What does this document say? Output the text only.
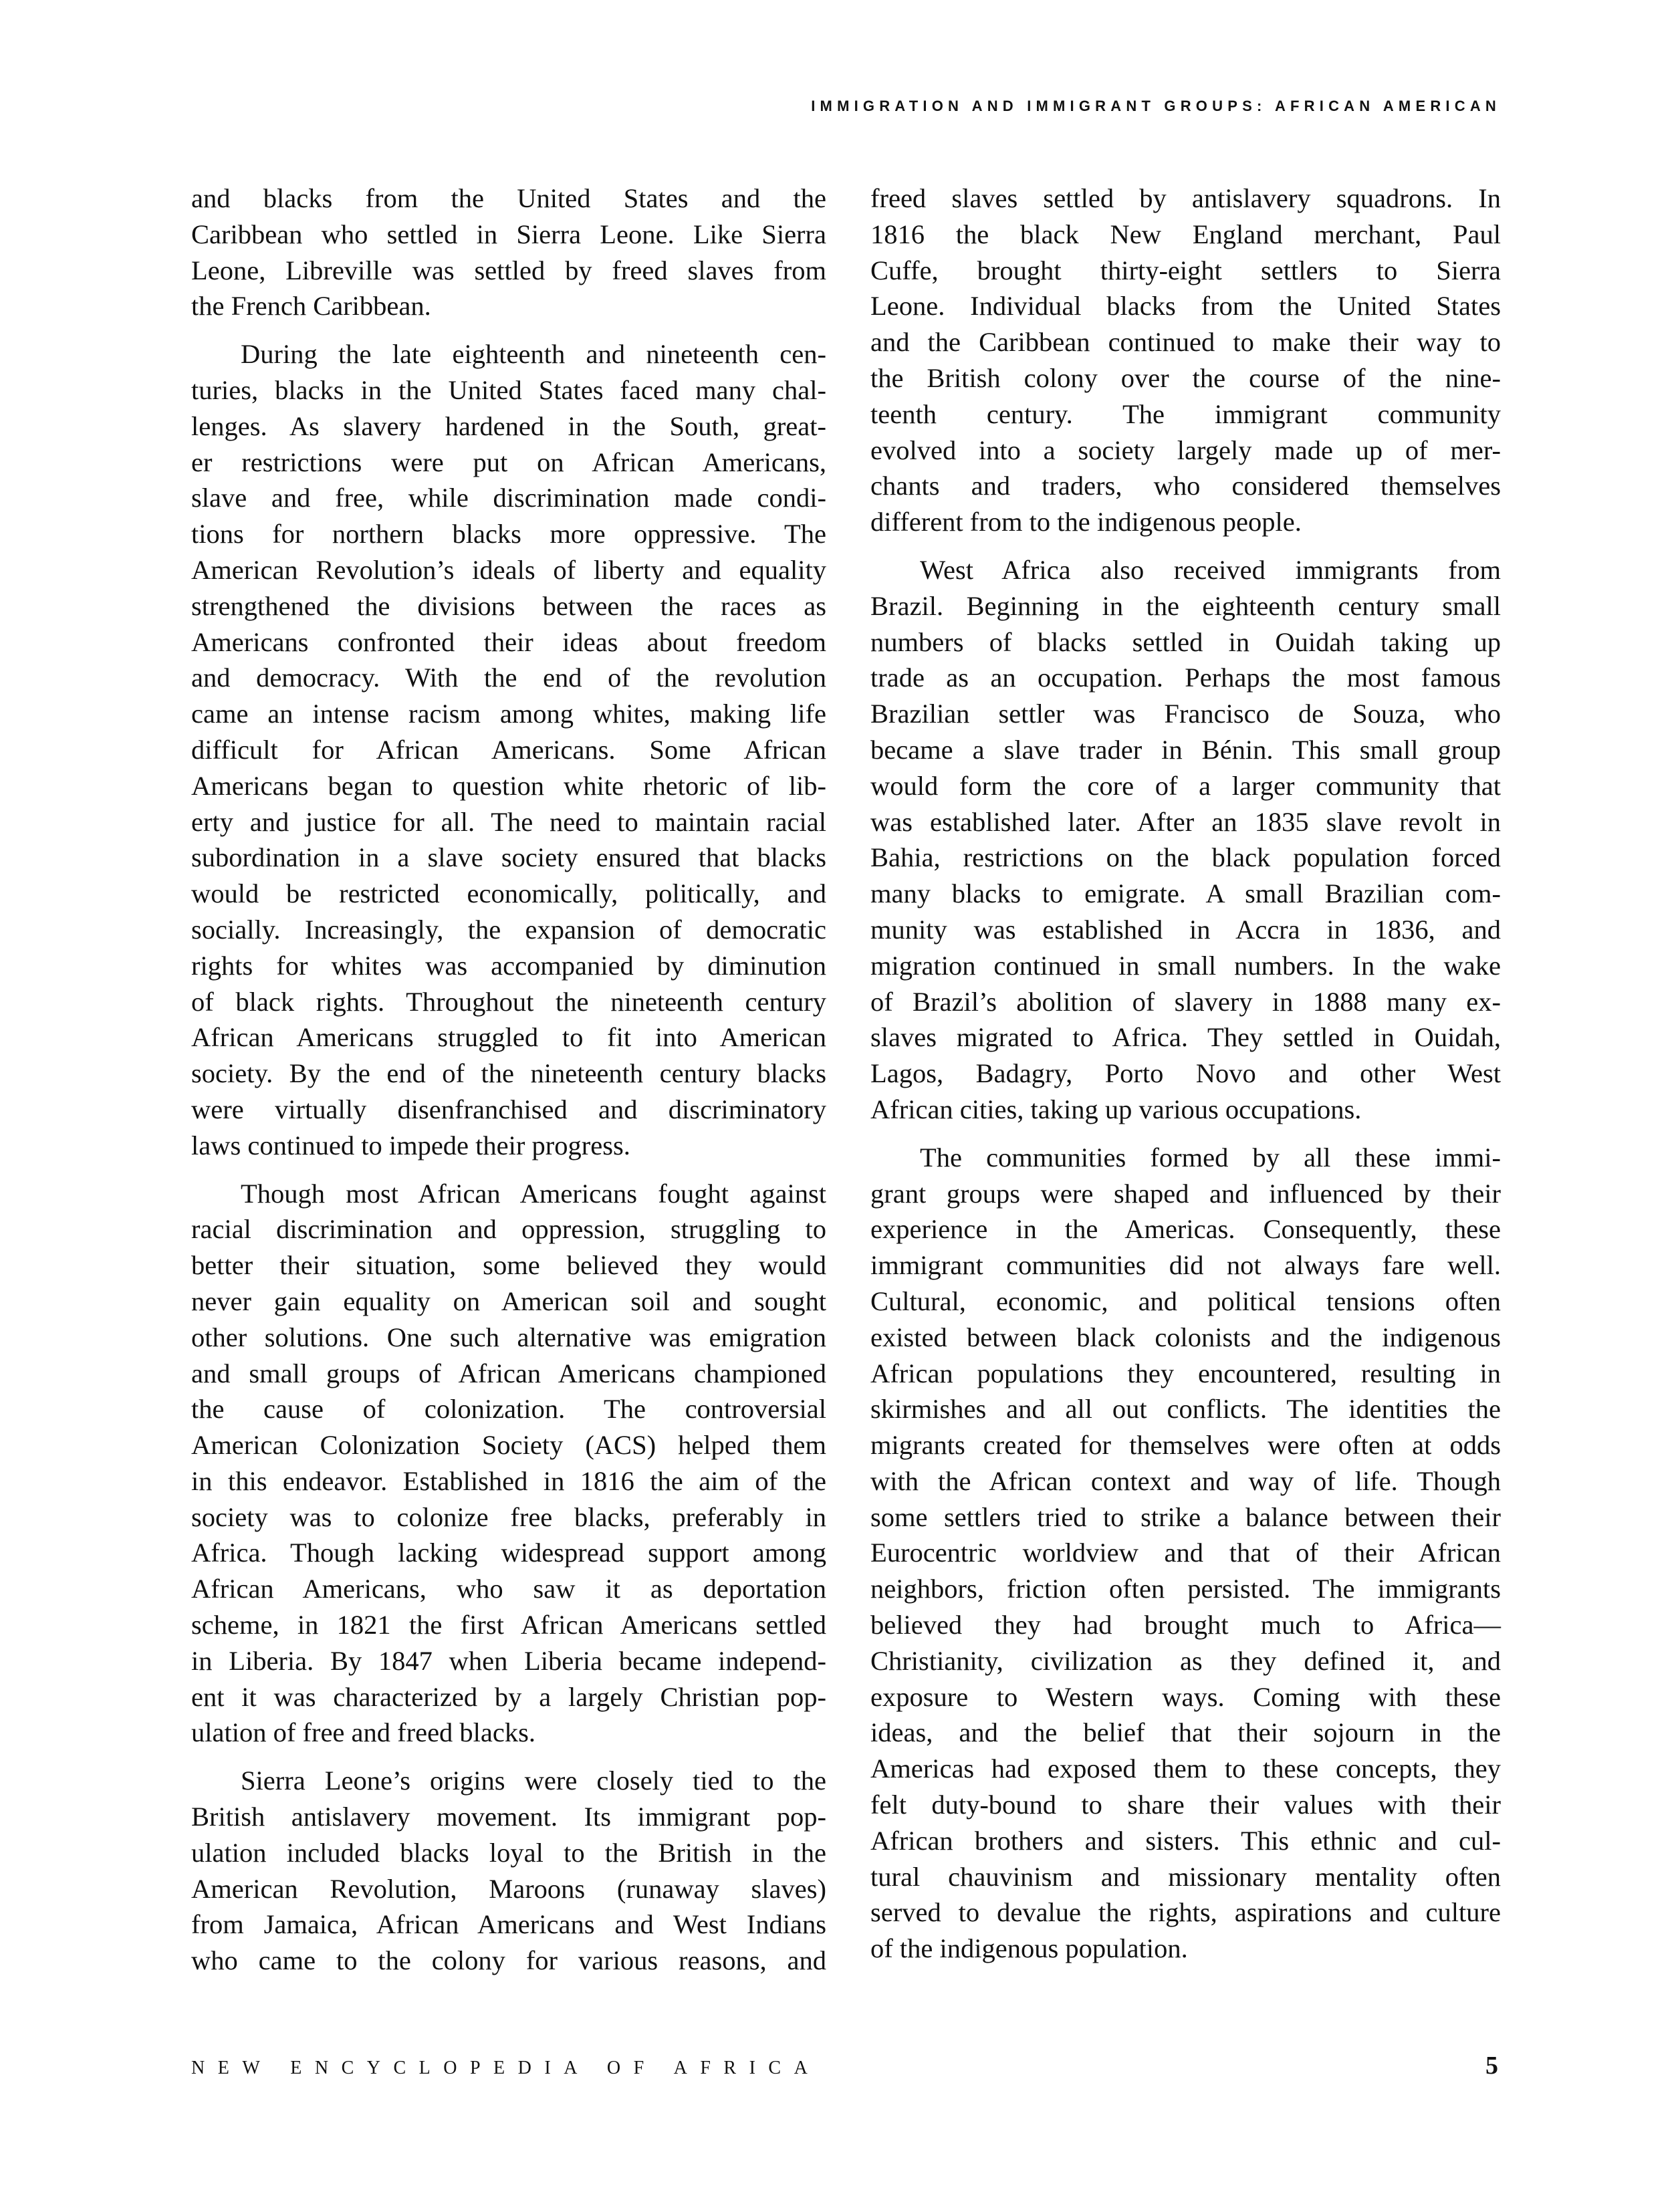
IMMIGRATION AND IMMIGRANT GROUPS: AFRICAN AMERICAN
and blacks from the United States and the
Caribbean who settled in Sierra Leone. Like Sierra
Leone, Libreville was settled by freed slaves from
the French Caribbean.
During the late eighteenth and nineteenth cen-
turies, blacks in the United States faced many chal-
lenges. As slavery hardened in the South, great-
er restrictions were put on African Americans,
slave and free, while discrimination made condi-
tions for northern blacks more oppressive. The
American Revolution’s ideals of liberty and equality
strengthened the divisions between the races as
Americans confronted their ideas about freedom
and democracy. With the end of the revolution
came an intense racism among whites, making life
difficult for African Americans. Some African
Americans began to question white rhetoric of lib-
erty and justice for all. The need to maintain racial
subordination in a slave society ensured that blacks
would be restricted economically, politically, and
socially. Increasingly, the expansion of democratic
rights for whites was accompanied by diminution
of black rights. Throughout the nineteenth century
African Americans struggled to fit into American
society. By the end of the nineteenth century blacks
were virtually disenfranchised and discriminatory
laws continued to impede their progress.
Though most African Americans fought against
racial discrimination and oppression, struggling to
better their situation, some believed they would
never gain equality on American soil and sought
other solutions. One such alternative was emigration
and small groups of African Americans championed
the cause of colonization. The controversial
American Colonization Society (ACS) helped them
in this endeavor. Established in 1816 the aim of the
society was to colonize free blacks, preferably in
Africa. Though lacking widespread support among
African Americans, who saw it as deportation
scheme, in 1821 the first African Americans settled
in Liberia. By 1847 when Liberia became independ-
ent it was characterized by a largely Christian pop-
ulation of free and freed blacks.
Sierra Leone’s origins were closely tied to the
British antislavery movement. Its immigrant pop-
ulation included blacks loyal to the British in the
American Revolution, Maroons (runaway slaves)
from Jamaica, African Americans and West Indians
who came to the colony for various reasons, and
freed slaves settled by antislavery squadrons. In
1816 the black New England merchant, Paul
Cuffe, brought thirty-eight settlers to Sierra
Leone. Individual blacks from the United States
and the Caribbean continued to make their way to
the British colony over the course of the nine-
teenth century. The immigrant community
evolved into a society largely made up of mer-
chants and traders, who considered themselves
different from to the indigenous people.
West Africa also received immigrants from
Brazil. Beginning in the eighteenth century small
numbers of blacks settled in Ouidah taking up
trade as an occupation. Perhaps the most famous
Brazilian settler was Francisco de Souza, who
became a slave trader in Bénin. This small group
would form the core of a larger community that
was established later. After an 1835 slave revolt in
Bahia, restrictions on the black population forced
many blacks to emigrate. A small Brazilian com-
munity was established in Accra in 1836, and
migration continued in small numbers. In the wake
of Brazil’s abolition of slavery in 1888 many ex-
slaves migrated to Africa. They settled in Ouidah,
Lagos, Badagry, Porto Novo and other West
African cities, taking up various occupations.
The communities formed by all these immi-
grant groups were shaped and influenced by their
experience in the Americas. Consequently, these
immigrant communities did not always fare well.
Cultural, economic, and political tensions often
existed between black colonists and the indigenous
African populations they encountered, resulting in
skirmishes and all out conflicts. The identities the
migrants created for themselves were often at odds
with the African context and way of life. Though
some settlers tried to strike a balance between their
Eurocentric worldview and that of their African
neighbors, friction often persisted. The immigrants
believed they had brought much to Africa—
Christianity, civilization as they defined it, and
exposure to Western ways. Coming with these
ideas, and the belief that their sojourn in the
Americas had exposed them to these concepts, they
felt duty-bound to share their values with their
African brothers and sisters. This ethnic and cul-
tural chauvinism and missionary mentality often
served to devalue the rights, aspirations and culture
of the indigenous population.
NEW ENCYCLOPEDIA OF AFRICA	5
